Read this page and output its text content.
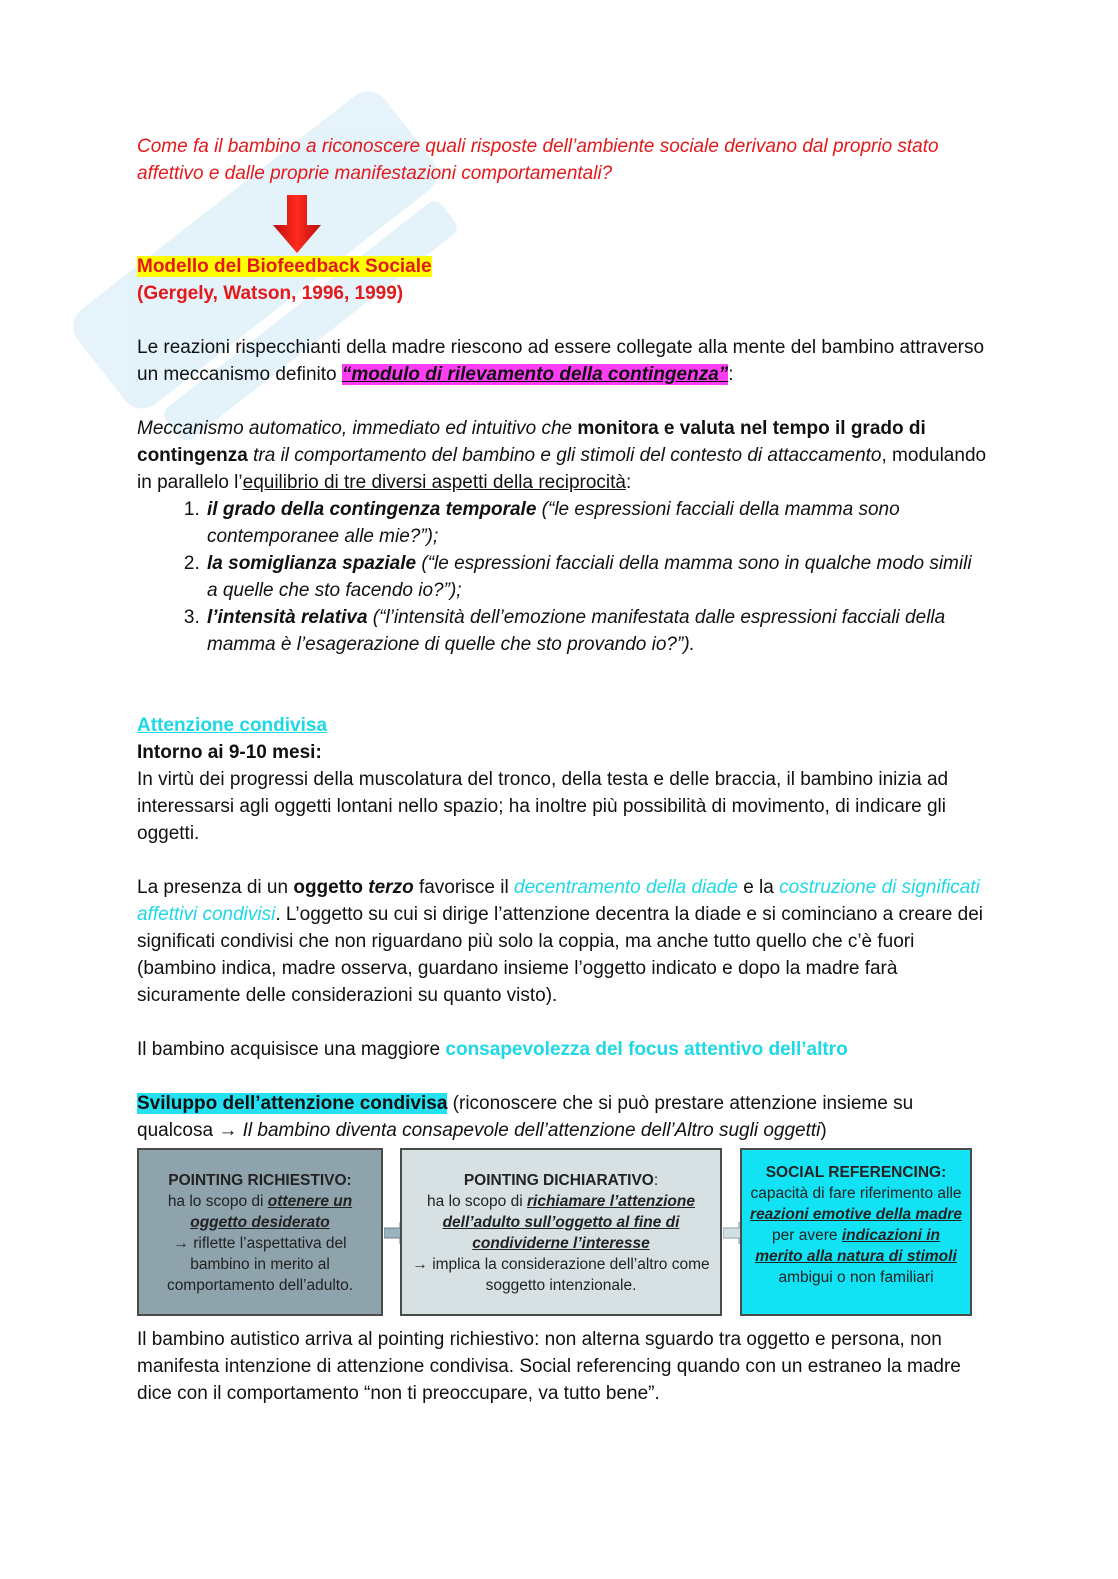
Come fa il bambino a riconoscere quali risposte dell’ambiente sociale derivano dal proprio stato affettivo e dalle proprie manifestazioni comportamentali?

Modello del Biofeedback Sociale

(Gergely, Watson, 1996, 1999)

Le reazioni rispecchianti della madre riescono ad essere collegate alla mente del bambino attraverso un meccanismo definito “modulo di rilevamento della contingenza”:

Meccanismo automatico, immediato ed intuitivo che monitora e valuta nel tempo il grado di contingenza tra il comportamento del bambino e gli stimoli del contesto di attaccamento, modulando in parallelo l’equilibrio di tre diversi aspetti della reciprocità:

1. il grado della contingenza temporale (“le espressioni facciali della mamma sono contemporanee alle mie?”);
2. la somiglianza spaziale (“le espressioni facciali della mamma sono in qualche modo simili a quelle che sto facendo io?”);
3. l’intensità relativa (“l’intensità dell’emozione manifestata dalle espressioni facciali della mamma è l’esagerazione di quelle che sto provando io?”).

Attenzione condivisa

Intorno ai 9-10 mesi:

In virtù dei progressi della muscolatura del tronco, della testa e delle braccia, il bambino inizia ad interessarsi agli oggetti lontani nello spazio; ha inoltre più possibilità di movimento, di indicare gli oggetti.

La presenza di un oggetto terzo favorisce il decentramento della diade e la costruzione di significati affettivi condivisi. L’oggetto su cui si dirige l’attenzione decentra la diade e si cominciano a creare dei significati condivisi che non riguardano più solo la coppia, ma anche tutto quello che c’è fuori (bambino indica, madre osserva, guardano insieme l’oggetto indicato e dopo la madre farà sicuramente delle considerazioni su quanto visto).

Il bambino acquisisce una maggiore consapevolezza del focus attentivo dell’altro

Sviluppo dell’attenzione condivisa (riconoscere che si può prestare attenzione insieme su qualcosa → Il bambino diventa consapevole dell’attenzione dell’Altro sugli oggetti)

POINTING RICHIESTIVO:
ha lo scopo di ottenere un oggetto desiderato
→ riflette l’aspettativa del bambino in merito al comportamento dell’adulto.
POINTING DICHIARATIVO:
ha lo scopo di richiamare l’attenzione dell’adulto sull’oggetto al fine di condividerne l’interesse
→ implica la considerazione dell’altro come soggetto intenzionale.
SOCIAL REFERENCING:
capacità di fare riferimento alle reazioni emotive della madre per avere indicazioni in merito alla natura di stimoli ambigui o non familiari

Il bambino autistico arriva al pointing richiestivo: non alterna sguardo tra oggetto e persona, non manifesta intenzione di attenzione condivisa. Social referencing quando con un estraneo la madre dice con il comportamento “non ti preoccupare, va tutto bene”.
